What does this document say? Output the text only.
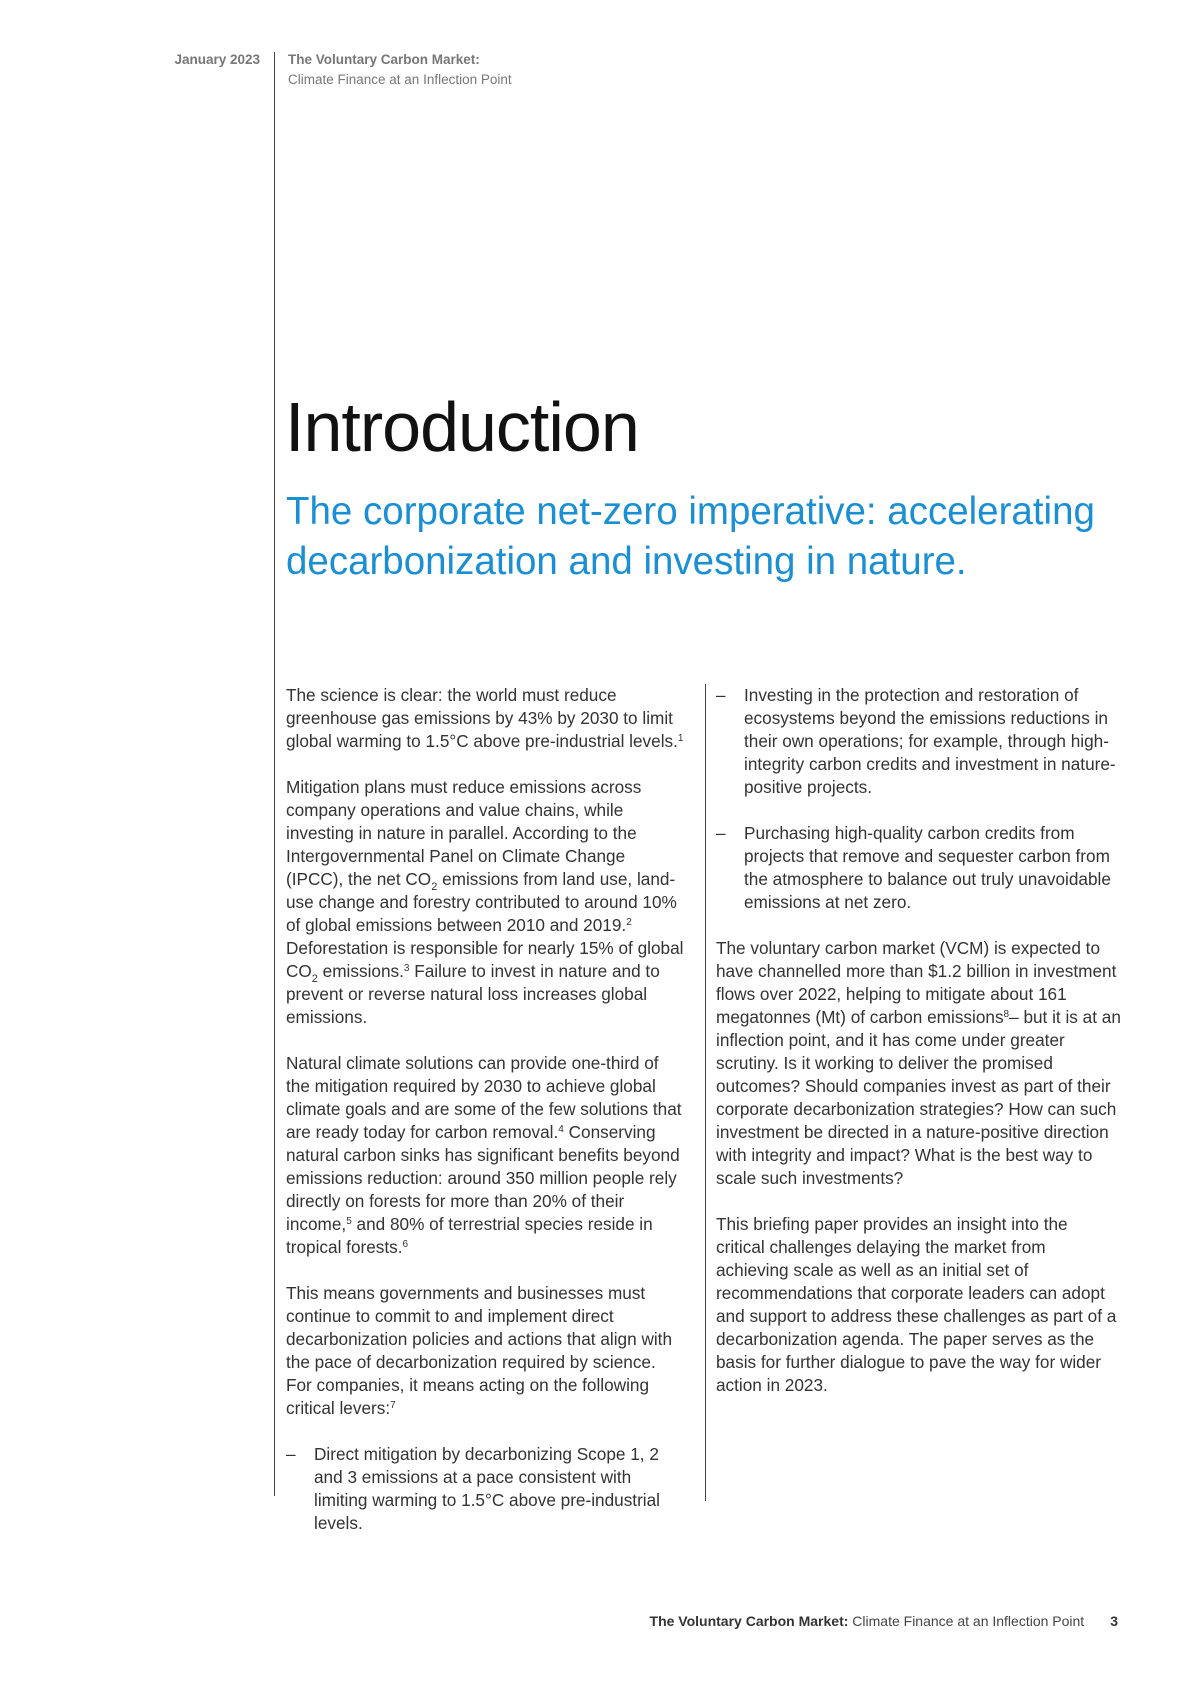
January 2023 The Voluntary Carbon Market:
Climate Finance at an Inflection Point
Introduction

The corporate net-zero imperative: accelerating decarbonization and investing in nature.

The science is clear: the world must reduce greenhouse gas emissions by 43% by 2030 to limit global warming to 1.5°C above pre-industrial levels.$^1$

Mitigation plans must reduce emissions across company operations and value chains, while investing in nature in parallel. According to the Intergovernmental Panel on Climate Change (IPCC), the net $CO_2$ emissions from land use, land-use change and forestry contributed to around 10% of global emissions between 2010 and 2019.$^2$ Deforestation is responsible for nearly 15% of global $CO_2$ emissions.$^3$ Failure to invest in nature and to prevent or reverse natural loss increases global emissions.

Natural climate solutions can provide one-third of the mitigation required by 2030 to achieve global climate goals and are some of the few solutions that are ready today for carbon removal.$^4$ Conserving natural carbon sinks has significant benefits beyond emissions reduction: around 350 million people rely directly on forests for more than 20% of their income,$^5$ and 80% of terrestrial species reside in tropical forests.$^6$

This means governments and businesses must continue to commit to and implement direct decarbonization policies and actions that align with the pace of decarbonization required by science. For companies, it means acting on the following critical levers:$^7$

– Direct mitigation by decarbonizing Scope 1, 2 and 3 emissions at a pace consistent with limiting warming to 1.5°C above pre-industrial levels.

– Investing in the protection and restoration of ecosystems beyond the emissions reductions in their own operations; for example, through high-integrity carbon credits and investment in nature-positive projects.

– Purchasing high-quality carbon credits from projects that remove and sequester carbon from the atmosphere to balance out truly unavoidable emissions at net zero.

The voluntary carbon market (VCM) is expected to have channelled more than $1.2 billion in investment flows over 2022, helping to mitigate about 161 megatonnes (Mt) of carbon emissions$^8$– but it is at an inflection point, and it has come under greater scrutiny. Is it working to deliver the promised outcomes? Should companies invest as part of their corporate decarbonization strategies? How can such investment be directed in a nature-positive direction with integrity and impact? What is the best way to scale such investments?

This briefing paper provides an insight into the critical challenges delaying the market from achieving scale as well as an initial set of recommendations that corporate leaders can adopt and support to address these challenges as part of a decarbonization agenda. The paper serves as the basis for further dialogue to pave the way for wider action in 2023.

The Voluntary Carbon Market: Climate Finance at an Inflection Point 3
